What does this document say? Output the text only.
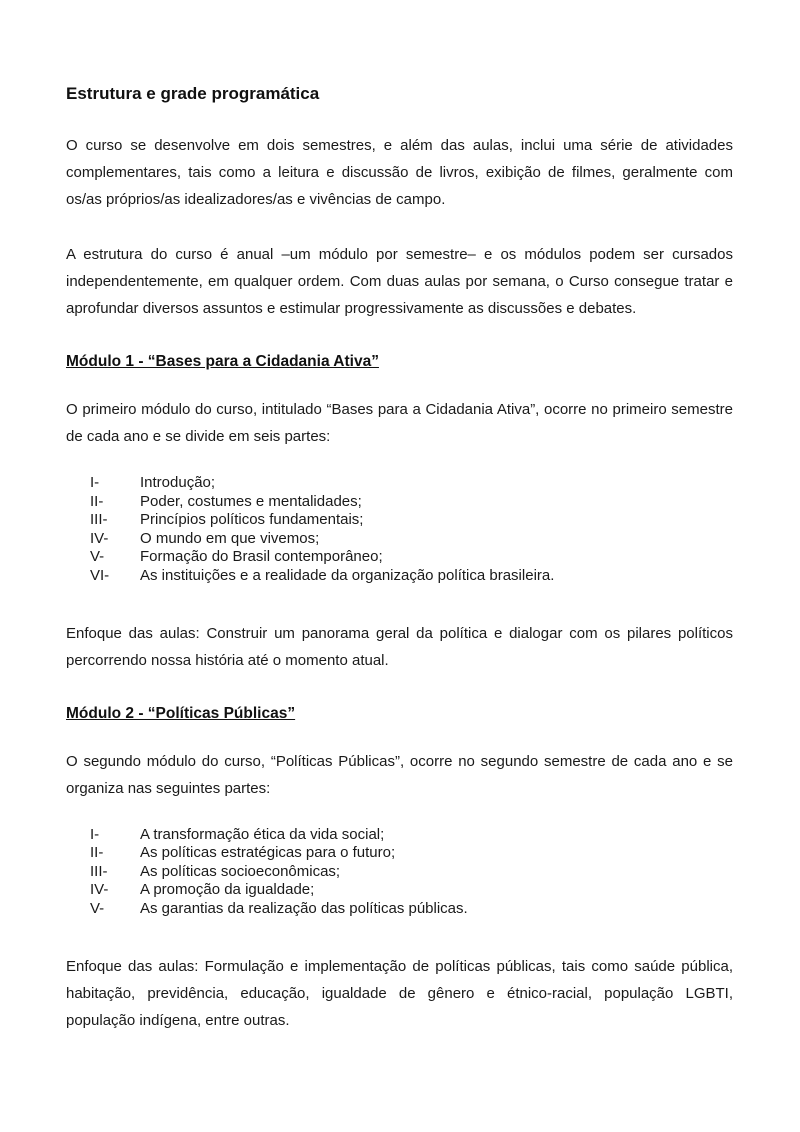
Estrutura e grade programática

O curso se desenvolve em dois semestres, e além das aulas, inclui uma série de atividades complementares, tais como a leitura e discussão de livros, exibição de filmes, geralmente com os/as próprios/as idealizadores/as e vivências de campo.

A estrutura do curso é anual –um módulo por semestre– e os módulos podem ser cursados independentemente, em qualquer ordem. Com duas aulas por semana, o Curso consegue tratar e aprofundar diversos assuntos e estimular progressivamente as discussões e debates.

Módulo 1 - “Bases para a Cidadania Ativa”

O primeiro módulo do curso, intitulado “Bases para a Cidadania Ativa”, ocorre no primeiro semestre de cada ano e se divide em seis partes:

I-	Introdução;
II-	Poder, costumes e mentalidades;
III-	Princípios políticos fundamentais;
IV-	O mundo em que vivemos;
V-	Formação do Brasil contemporâneo;
VI-	As instituições e a realidade da organização política brasileira.

Enfoque das aulas: Construir um panorama geral da política e dialogar com os pilares políticos percorrendo nossa história até o momento atual.

Módulo 2 - “Políticas Públicas”

O segundo módulo do curso, “Políticas Públicas”, ocorre no segundo semestre de cada ano e se organiza nas seguintes partes:

I-	A transformação ética da vida social;
II-	As políticas estratégicas para o futuro;
III-	As políticas socioeconômicas;
IV-	A promoção da igualdade;
V-	As garantias da realização das políticas públicas.

Enfoque das aulas: Formulação e implementação de políticas públicas, tais como saúde pública, habitação, previdência, educação, igualdade de gênero e étnico-racial, população LGBTI, população indígena, entre outras.
